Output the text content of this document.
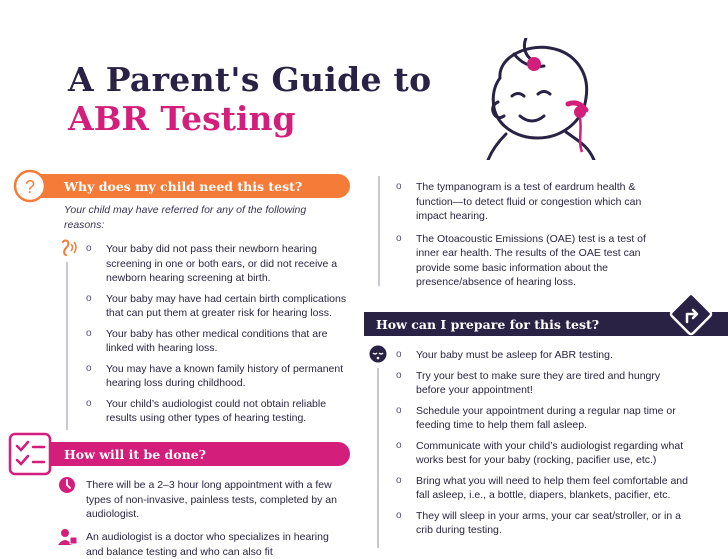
A Parent's Guide to
ABR Testing
?	Why does my child need this test?
Your child may have referred for any of the following reasons:
o Your baby did not pass their newborn hearing screening in one or both ears, or did not receive a newborn hearing screening at birth.
o Your baby may have had certain birth complications that can put them at greater risk for hearing loss.
o Your baby has other medical conditions that are linked with hearing loss.
o You may have a known family history of permanent hearing loss during childhood.
o Your child’s audiologist could not obtain reliable results using other types of hearing testing.
How will it be done?
There will be a 2–3 hour long appointment with a few types of non-invasive, painless tests, completed by an audiologist.
An audiologist is a doctor who specializes in hearing and balance testing and who can also fit
o The tympanogram is a test of eardrum health & function—to detect fluid or congestion which can impact hearing.
o The Otoacoustic Emissions (OAE) test is a test of inner ear health. The results of the OAE test can provide some basic information about the presence/absence of hearing loss.
How can I prepare for this test?
o Your baby must be asleep for ABR testing.
o Try your best to make sure they are tired and hungry before your appointment!
o Schedule your appointment during a regular nap time or feeding time to help them fall asleep.
o Communicate with your child’s audiologist regarding what works best for your baby (rocking, pacifier use, etc.)
o Bring what you will need to help them feel comfortable and fall asleep, i.e., a bottle, diapers, blankets, pacifier, etc.
o They will sleep in your arms, your car seat/stroller, or in a crib during testing.
